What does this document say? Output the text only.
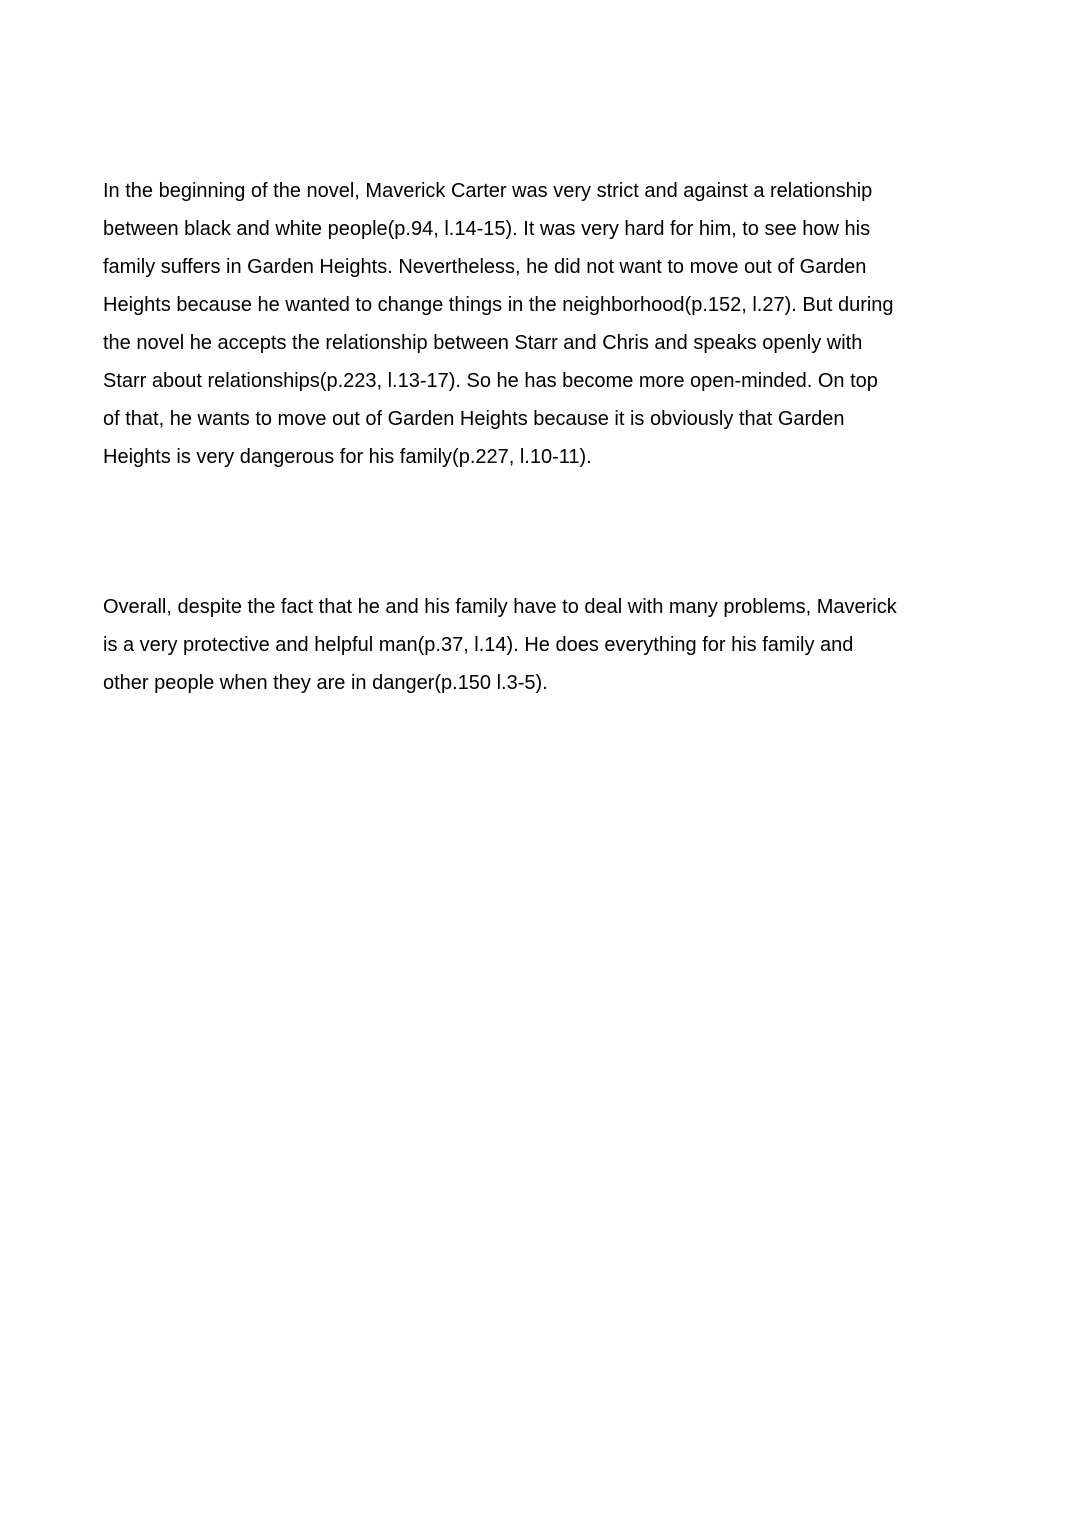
In the beginning of the novel, Maverick Carter was very strict and against a relationship
between black and white people(p.94, l.14-15). It was very hard for him, to see how his
family suffers in Garden Heights. Nevertheless, he did not want to move out of Garden
Heights because he wanted to change things in the neighborhood(p.152, l.27). But during
the novel he accepts the relationship between Starr and Chris and speaks openly with
Starr about relationships(p.223, l.13-17). So he has become more open-minded. On top
of that, he wants to move out of Garden Heights because it is obviously that Garden
Heights is very dangerous for his family(p.227, l.10-11).

Overall, despite the fact that he and his family have to deal with many problems, Maverick
is a very protective and helpful man(p.37, l.14). He does everything for his family and
other people when they are in danger(p.150 l.3-5).
